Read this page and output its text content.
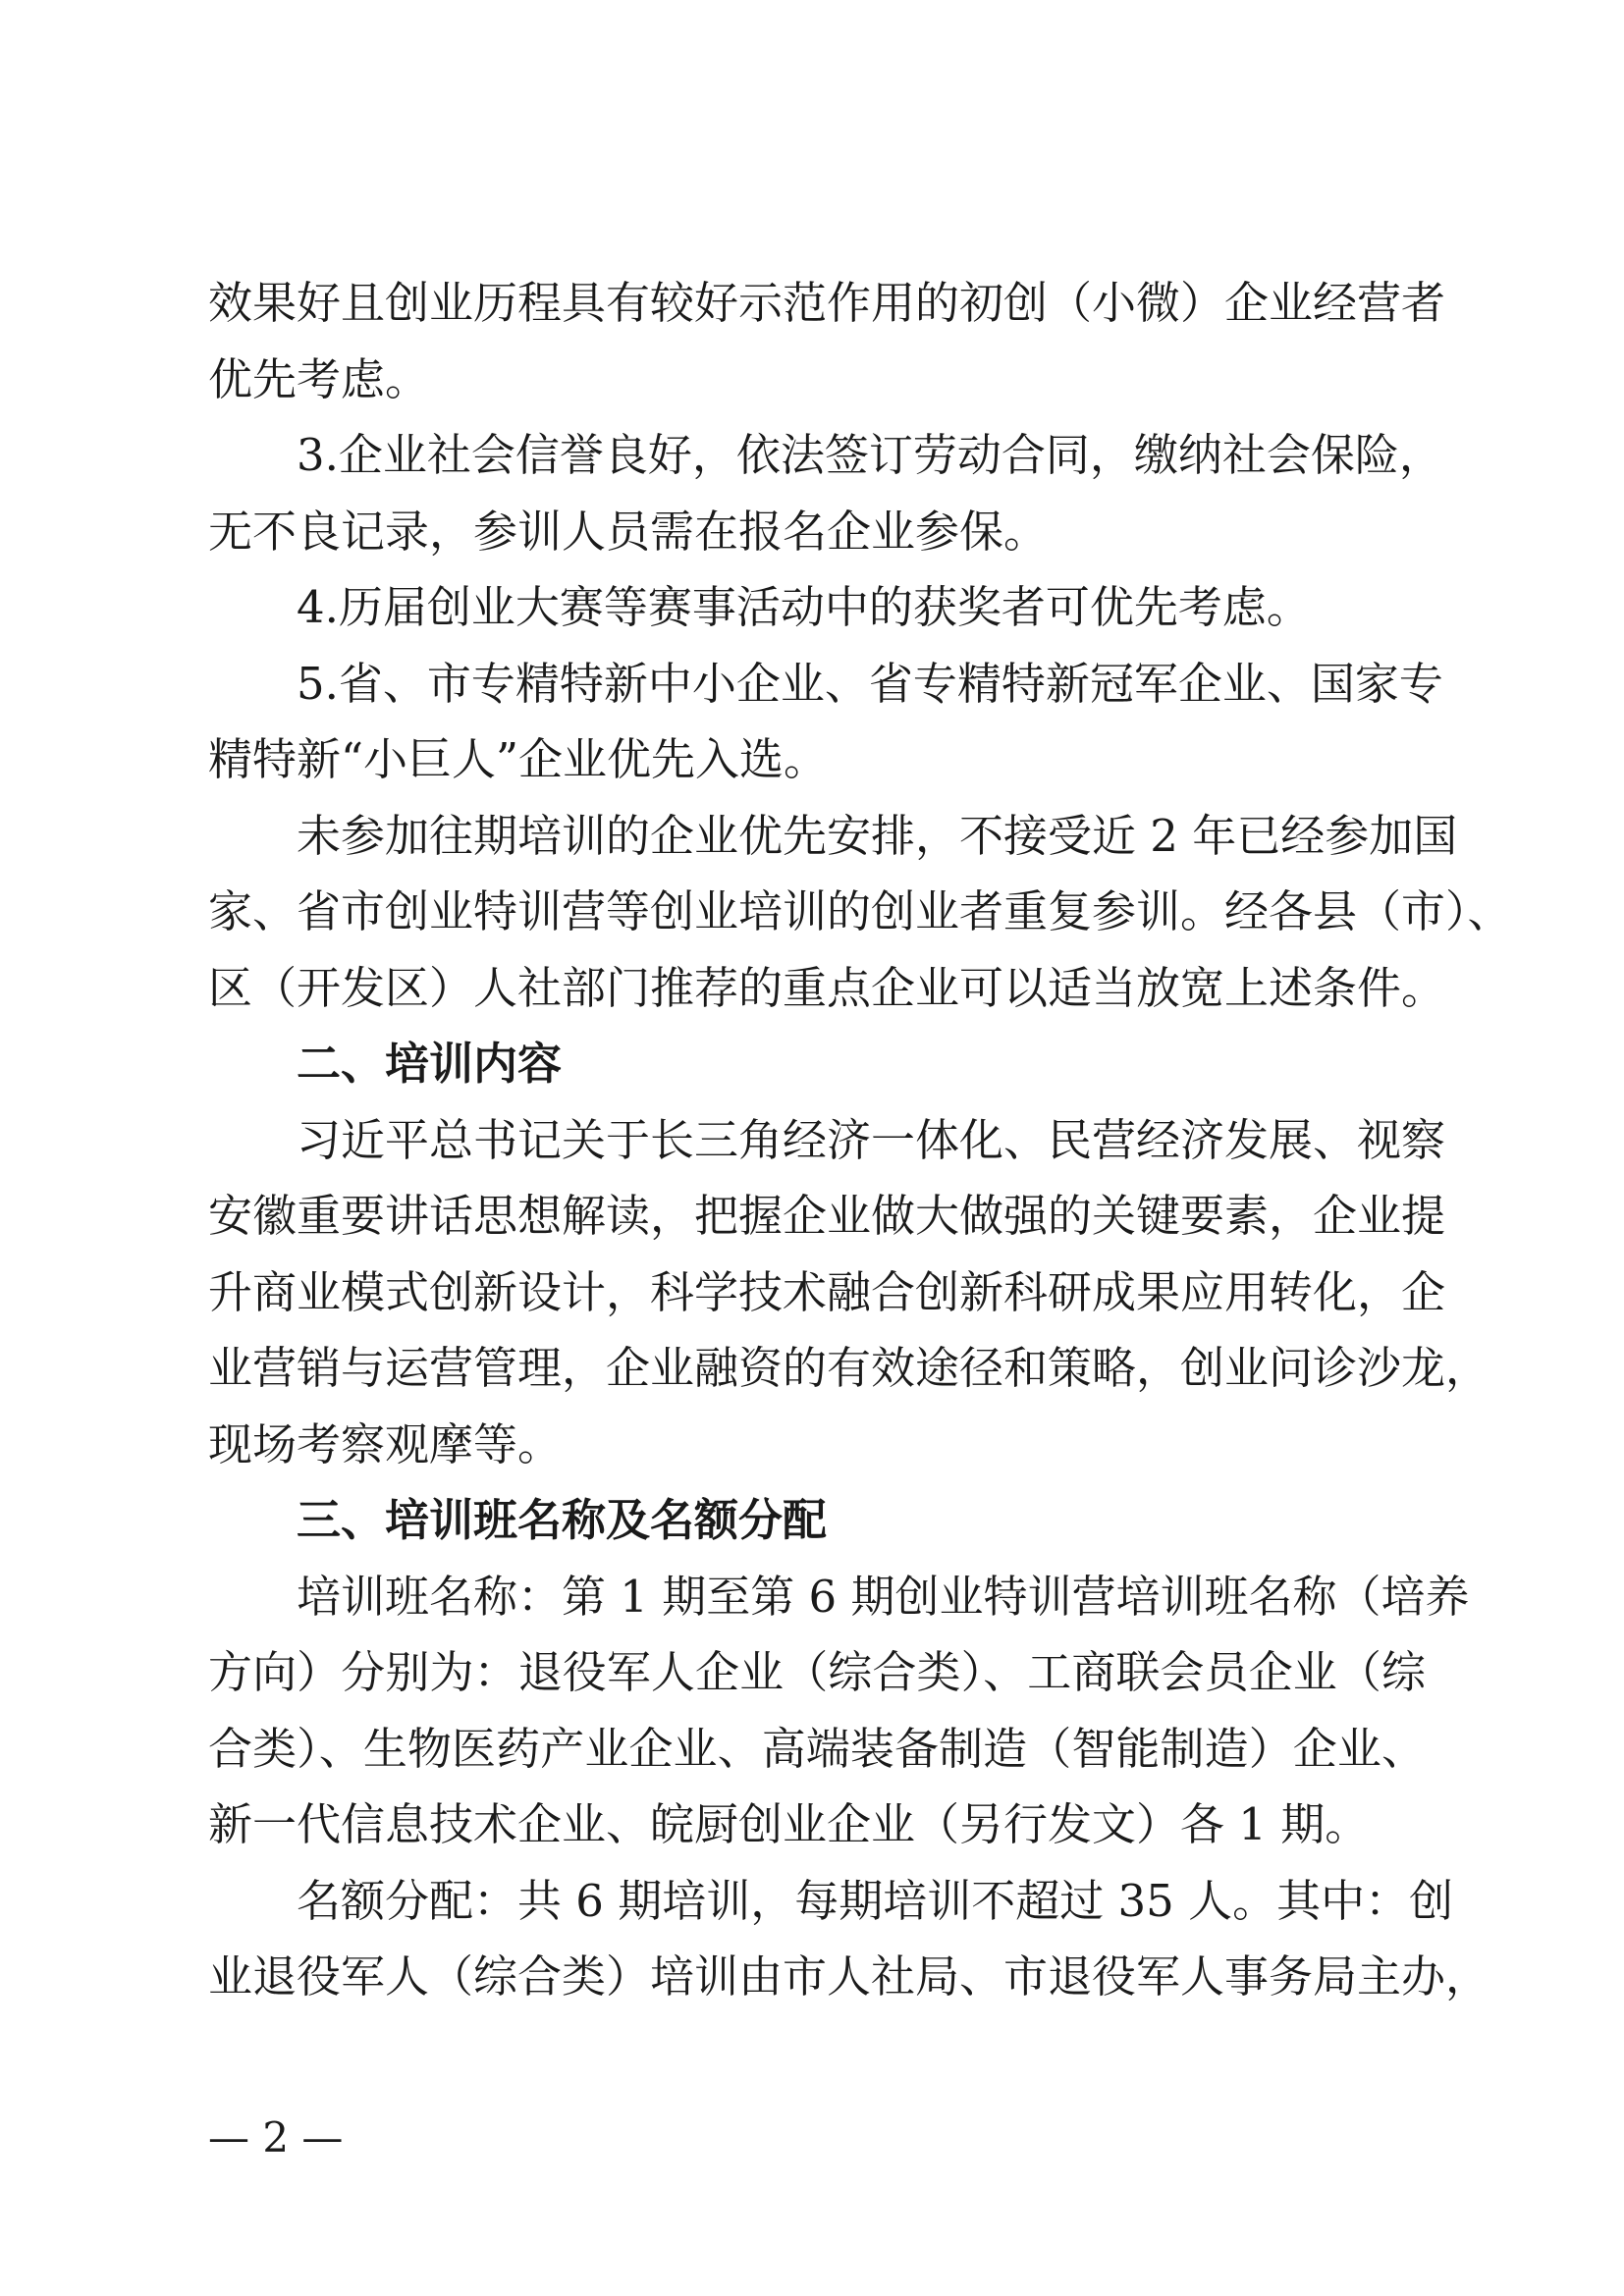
效果好且创业历程具有较好示范作用的初创（小微）企业经营者
优先考虑。
3.企业社会信誉良好，依法签订劳动合同，缴纳社会保险，
无不良记录，参训人员需在报名企业参保。
4.历届创业大赛等赛事活动中的获奖者可优先考虑。
5.省、市专精特新中小企业、省专精特新冠军企业、国家专
精特新“小巨人”企业优先入选。
未参加往期培训的企业优先安排，不接受近 2 年已经参加国
家、省市创业特训营等创业培训的创业者重复参训。经各县（市）、
区（开发区）人社部门推荐的重点企业可以适当放宽上述条件。
二、培训内容
习近平总书记关于长三角经济一体化、民营经济发展、视察
安徽重要讲话思想解读，把握企业做大做强的关键要素，企业提
升商业模式创新设计，科学技术融合创新科研成果应用转化，企
业营销与运营管理，企业融资的有效途径和策略，创业问诊沙龙，
现场考察观摩等。
三、培训班名称及名额分配
培训班名称：第 1 期至第 6 期创业特训营培训班名称（培养
方向）分别为：退役军人企业（综合类）、工商联会员企业（综
合类）、生物医药产业企业、高端装备制造（智能制造）企业、
新一代信息技术企业、皖厨创业企业（另行发文）各 1 期。
名额分配：共 6 期培训，每期培训不超过 35 人。其中：创
业退役军人（综合类）培训由市人社局、市退役军人事务局主办，
— 2 —
